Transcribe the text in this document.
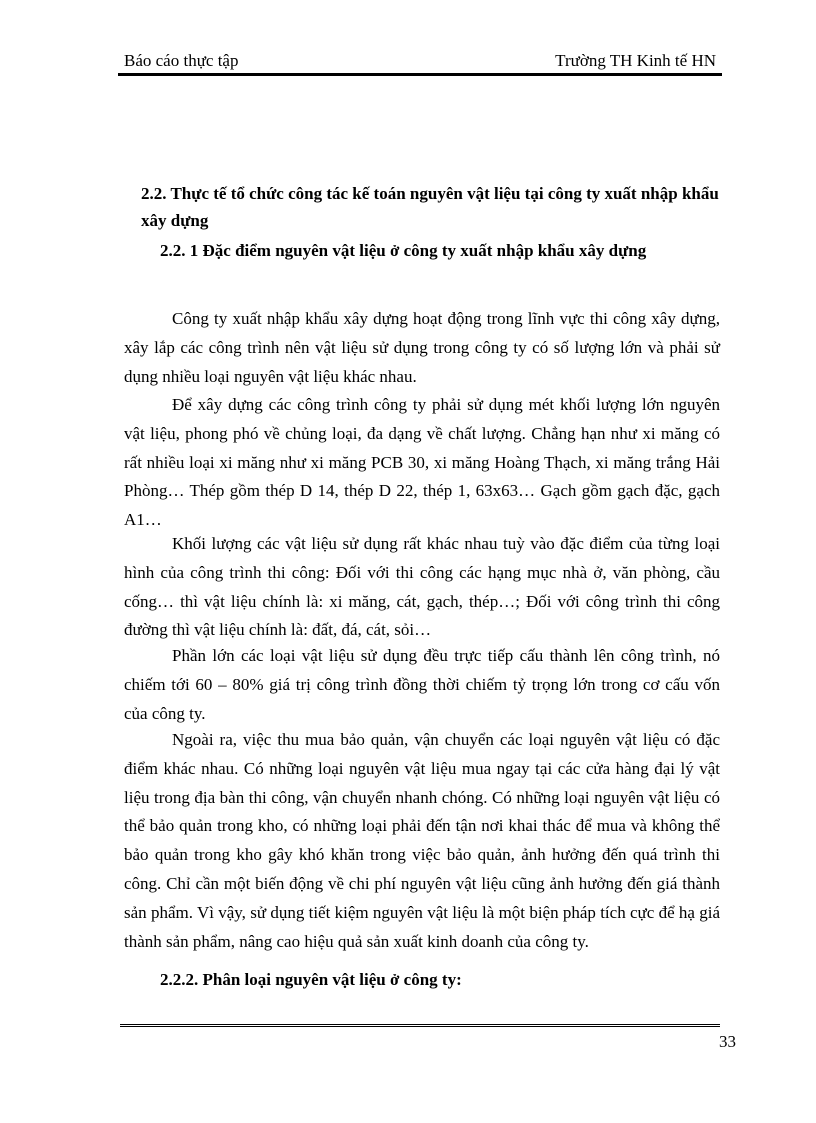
Báo cáo thực tập	Trường TH Kinh tế HN
2.2. Thực tế tổ chức công tác kế toán nguyên vật liệu tại công ty xuất nhập khẩu xây dựng
2.2. 1 Đặc điểm nguyên vật liệu ở công ty xuất nhập khẩu xây dựng

Công ty xuất nhập khẩu xây dựng hoạt động trong lĩnh vực thi công xây dựng, xây lắp các công trình nên vật liệu sử dụng trong công ty có số lượng lớn và phải sử dụng nhiều loại nguyên vật liệu khác nhau.

Để xây dựng các công trình công ty phải sử dụng mét khối lượng lớn nguyên vật liệu, phong phó về chủng loại, đa dạng về chất lượng. Chẳng hạn như xi măng có rất nhiều loại xi măng như xi măng PCB 30, xi măng Hoàng Thạch, xi măng trắng Hải Phòng… Thép gồm thép D 14, thép D 22, thép 1, 63x63… Gạch gồm gạch đặc, gạch A1…

Khối lượng các vật liệu sử dụng rất khác nhau tuỳ vào đặc điểm của từng loại hình của công trình thi công: Đối với thi công các hạng mục nhà ở, văn phòng, cầu cống… thì vật liệu chính là: xi măng, cát, gạch, thép…; Đối với công trình thi công đường thì vật liệu chính là: đất, đá, cát, sỏi…

Phần lớn các loại vật liệu sử dụng đều trực tiếp cấu thành lên công trình, nó chiếm tới 60 – 80% giá trị công trình đồng thời chiếm tỷ trọng lớn trong cơ cấu vốn của công ty.

Ngoài ra, việc thu mua bảo quản, vận chuyển các loại nguyên vật liệu có đặc điểm khác nhau. Có những loại nguyên vật liệu mua ngay tại các cửa hàng đại lý vật liệu trong địa bàn thi công, vận chuyển nhanh chóng. Có những loại nguyên vật liệu có thể bảo quản trong kho, có những loại phải đến tận nơi khai thác để mua và không thể bảo quản trong kho gây khó khăn trong việc bảo quản, ảnh hưởng đến quá trình thi công. Chỉ cần một biến động về chi phí nguyên vật liệu cũng ảnh hưởng đến giá thành sản phẩm. Vì vậy, sử dụng tiết kiệm nguyên vật liệu là một biện pháp tích cực để hạ giá thành sản phẩm, nâng cao hiệu quả sản xuất kinh doanh của công ty.

2.2.2. Phân loại nguyên vật liệu ở công ty:
33
